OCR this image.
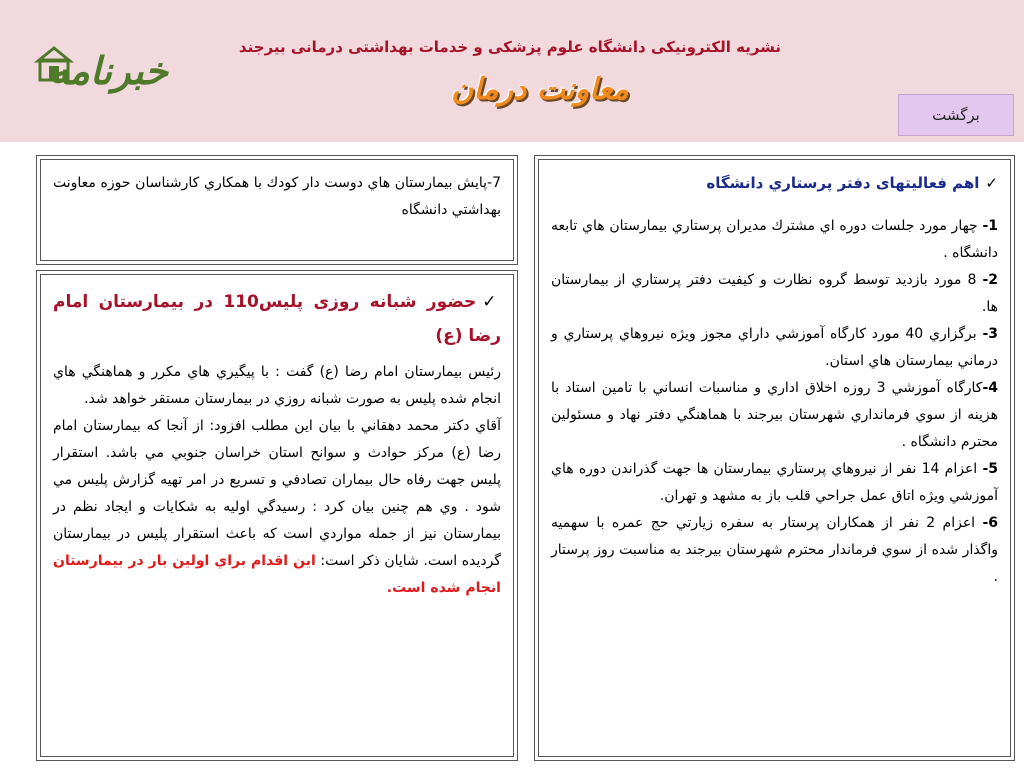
خبرنامه
نشريه الكترونيكی دانشگاه علوم پزشكی و خدمات بهداشتی درمانی بيرجند
معاونت درمان
برگشت
✓اهم فعاليتهای دفتر پرستاري دانشگاه

1- چهار مورد جلسات دوره اي مشترك مديران پرستاري بيمارستان هاي تابعه دانشگاه .

2- 8 مورد بازديد توسط گروه نظارت و كيفيت دفتر پرستاري از بيمارستان ها.

3- برگزاري 40 مورد كارگاه آموزشي داراي مجوز ويژه نيروهاي پرستاري و درماني بيمارستان هاي استان.

4-كارگاه آموزشي 3 روزه اخلاق اداري و مناسبات انساني با تامين استاد با هزينه از سوي فرمانداري شهرستان بيرجند با هماهنگي دفتر نهاد و مسئولين محترم دانشگاه .

5- اعزام 14 نفر از نيروهاي پرستاري بيمارستان ها جهت گذراندن دوره هاي آموزشي ويژه اتاق عمل جراحي قلب باز به مشهد و تهران.

6- اعزام 2 نفر از همكاران پرستار به سفره زيارتي حج عمره با سهميه واگذار شده از سوي فرماندار محترم شهرستان بيرجند به مناسبت روز پرستار .

7-پايش بيمارستان هاي دوست دار كودك با همكاري كارشناسان حوزه معاونت بهداشتي دانشگاه

✓حضور شبانه روزی پلیس110 در بيمارستان امام رضا (ع)

رئيس بيمارستان امام رضا (ع) گفت : با پيگيري هاي مكرر و هماهنگي هاي انجام شده پليس به صورت شبانه روزي در بيمارستان مستقر خواهد شد.

آقاي دكتر محمد دهقاني با بيان اين مطلب افزود: از آنجا كه بيمارستان امام رضا (ع) مركز حوادث و سوانح استان خراسان جنوبي مي باشد. استقرار پليس جهت رفاه حال بيماران تصادفي و تسريع در امر تهيه گزارش پليس مي شود . وي هم چنين بيان كرد : رسيدگي اوليه به شكايات و ايجاد نظم در بيمارستان نيز از جمله مواردي است كه باعث استقرار پليس در بيمارستان گرديده است. شايان ذكر است: اين اقدام براي اولين بار در بيمارستان انجام شده است.
